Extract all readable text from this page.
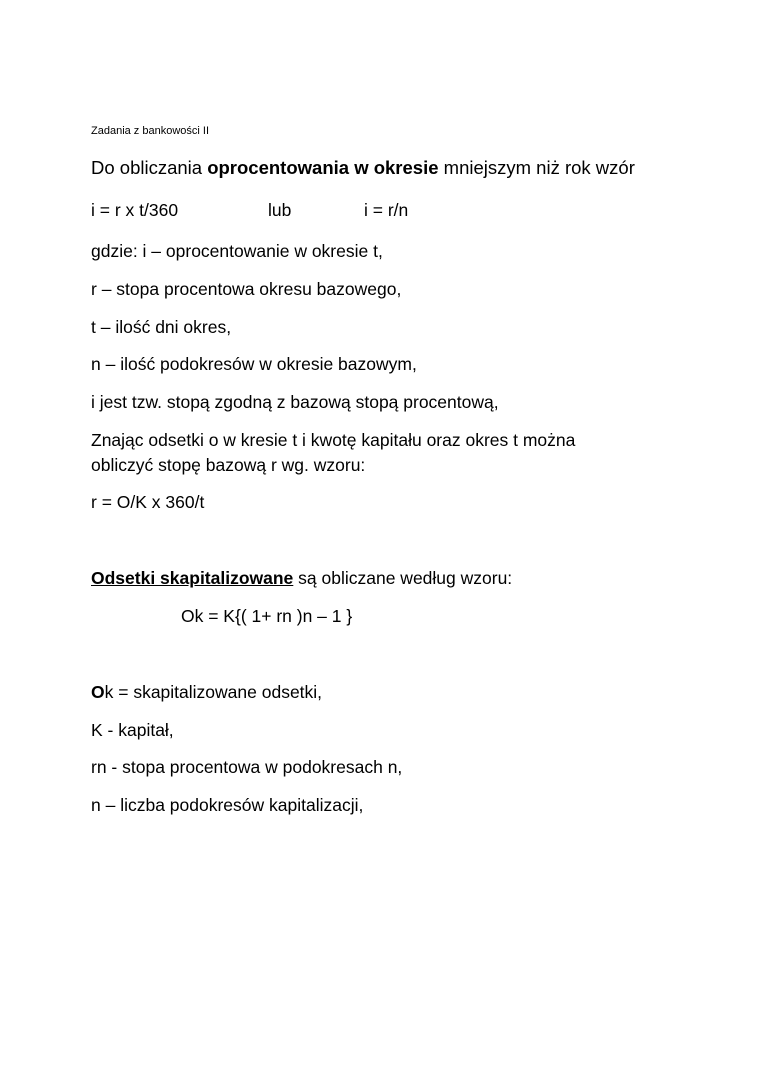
Zadania z bankowości II
Do obliczania oprocentowania w okresie mniejszym niż rok wzór
i = r x t/360	lub	i = r/n
gdzie: i – oprocentowanie w okresie t,
r – stopa procentowa okresu bazowego,
t – ilość dni okres,
n – ilość podokresów w okresie bazowym,
i jest tzw. stopą zgodną z bazową stopą procentową,
Znając odsetki o w kresie t i kwotę kapitału oraz okres t można
obliczyć stopę bazową r wg. wzoru:
r = O/K x 360/t
Odsetki skapitalizowane są obliczane według wzoru:
Ok = K{( 1+ rn )n – 1 }
Ok = skapitalizowane odsetki,
K - kapitał,
rn - stopa procentowa w podokresach n,
n – liczba podokresów kapitalizacji,
